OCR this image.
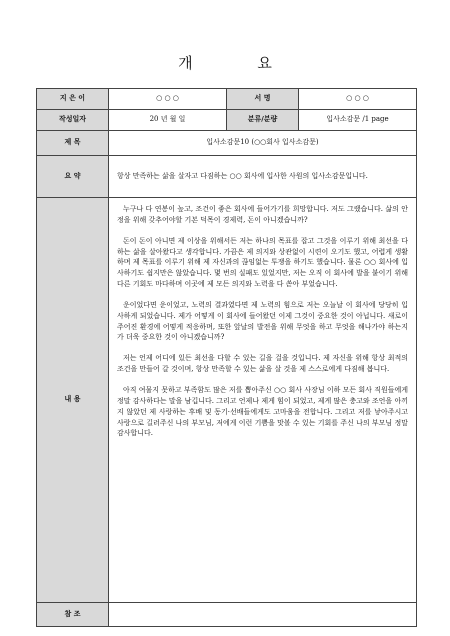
개 요
지 은 이	○ ○ ○	서 명	○ ○ ○
작성일자	20 년 월 일	분류/분량	입사소감문 /1 page
제 목	입사소감문10 (○○회사 입사소감문)		
요 약	항상 만족하는 삶을 살자고 다짐하는 ○○ 회사에 입사한 사원의 입사소감문입니다.		
내 용	누구나 다 연봉이 높고, 조건이 좋은 회사에 들어가기를 희망합니다. 저도 그랬습니다. 삶의 안정을 위해 갖추어야할 기본 덕목이 경제력, 돈이 아니겠습니까?

돈이 돈이 아니면 제 이상을 위해서든 저는 하나의 목표를 잡고 그것을 이루기 위해 최선을 다하는 삶을 살아왔다고 생각합니다. 가끔은 제 의지와 상관없이 시련이 오기도 했고, 어렵게 생활하며 제 목표를 이루기 위해 제 자신과의 끊임없는 투쟁을 하기도 했습니다. 물론 ○○ 회사에 입사하기도 쉽지만은 않았습니다. 몇 번의 실패도 있었지만, 저는 오직 이 회사에 발을 붙이기 위해 다른 기회도 마다하며 이곳에 제 모든 의지와 노력을 다 쏟아 부었습니다.

운이었다면 운이었고, 노력의 결과였다면 제 노력의 힘으로 저는 오늘날 이 회사에 당당히 입사하게 되었습니다. 제가 어떻게 이 회사에 들어왔던 이제 그것이 중요한 것이 아닙니다. 새로이 주어진 환경에 어떻게 적응하며, 또한 앞날의 발전을 위해 무엇을 하고 무엇을 해나가야 하는지가 더욱 중요한 것이 아니겠습니까?

저는 언제 어디에 있든 최선을 다할 수 있는 길을 걸을 것입니다. 제 자신을 위해 항상 최적의 조건을 만들어 갈 것이며, 항상 만족할 수 있는 삶을 살 것을 제 스스로에게 다짐해 봅니다.

아직 여물지 못하고 부족함도 많은 저를 뽑아주신 ○○ 회사 사장님 이하 모든 회사 직원들에게 정말 감사하다는 말을 남깁니다. 그리고 언제나 제게 힘이 되었고, 제게 많은 충고와 조언을 아끼지 않았던 제 사랑하는 후배 및 동기·선배들에게도 고마움을 전합니다. 그리고 저를 낳아주시고 사랑으로 길러주신 나의 부모님, 저에게 이런 기쁨을 맛볼 수 있는 기회를 주신 나의 부모님 정말 감사합니다.		

참 조			
